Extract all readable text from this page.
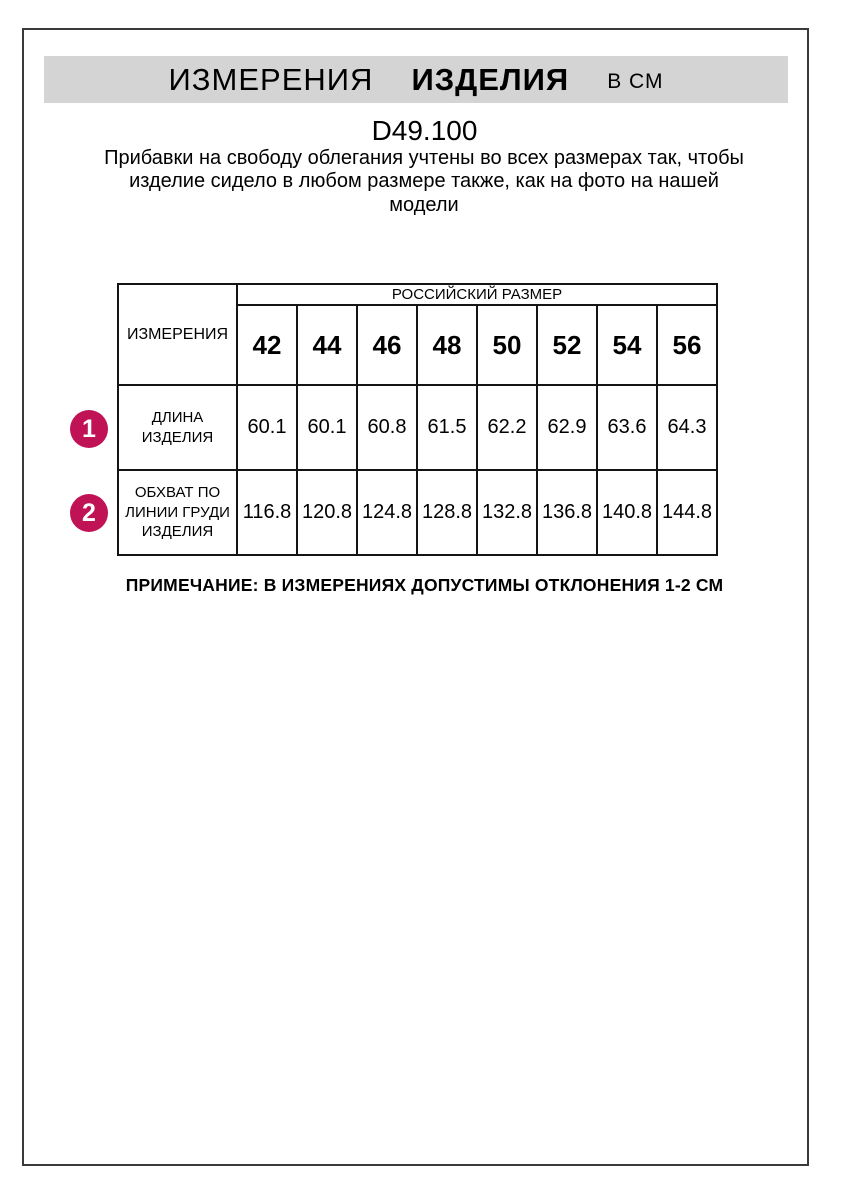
ИЗМЕРЕНИЯ ИЗДЕЛИЯ В СМ
D49.100
Прибавки на свободу облегания учтены во всех размерах так, чтобы изделие сидело в любом размере также, как на фото на нашей модели
ИЗМЕРЕНИЯ	РОССИЙСКИЙ РАЗМЕР							
	42	44	46	48	50	52	54	56
ДЛИНА ИЗДЕЛИЯ	60.1	60.1	60.8	61.5	62.2	62.9	63.6	64.3
ОБХВАТ ПО ЛИНИИ ГРУДИ ИЗДЕЛИЯ	116.8	120.8	124.8	128.8	132.8	136.8	140.8	144.8
1
2
ПРИМЕЧАНИЕ: В ИЗМЕРЕНИЯХ ДОПУСТИМЫ ОТКЛОНЕНИЯ 1-2 СМ
